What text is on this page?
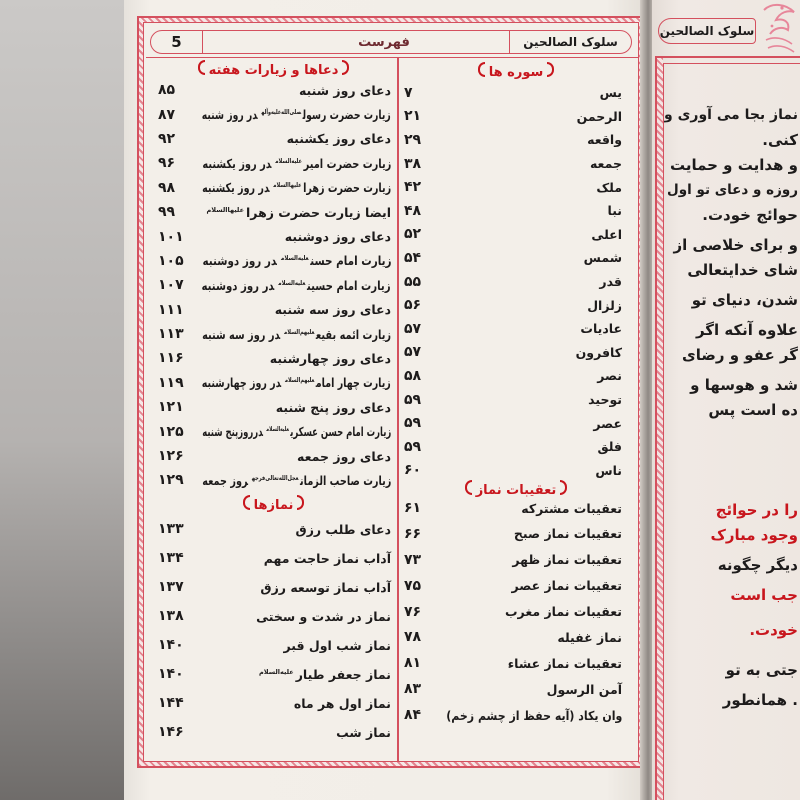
5	فهرست	سلوک الصالحین
سوره ها
یس
۷
الرحمن
۲۱
واقعه
۲۹
جمعه
۳۸
ملک
۴۲
نبا
۴۸
اعلی
۵۲
شمس
۵۴
قدر
۵۵
زلزال
۵۶
عادیات
۵۷
کافرون
۵۷
نصر
۵۸
توحید
۵۹
عصر
۵۹
فلق
۵۹
ناس
۶۰
تعقیبات نماز
تعقیبات مشترکه
۶۱
تعقیبات نماز صبح
۶۶
تعقیبات نماز ظهر
۷۳
تعقیبات نماز عصر
۷۵
تعقیبات نماز مغرب
۷۶
نماز غفیله
۷۸
تعقیبات نماز عشاء
۸۱
آمن الرسول
۸۳
وان یکاد (آیه حفظ از چشم زخم)
۸۴
دعاها و زیارات هفته
دعای روز شنبه
۸۵
زیارت حضرت رسول$^{صلی‌الله‌علیه‌وآله}$در روز شنبه
۸۷
دعای روز یکشنبه
۹۲
زیارت حضرت امیر$^{علیه‌السلام}$در روز یکشنبه
۹۶
زیارت حضرت زهرا$^{علیها‌السلام}$در روز یکشنبه
۹۸
ایضا زیارت حضرت زهرا$^{علیها‌السلام}$
۹۹
دعای روز دوشنبه
۱۰۱
زیارت امام حسن$^{علیه‌السلام}$در روز دوشنبه
۱۰۵
زیارت امام حسین$^{علیه‌السلام}$در روز دوشنبه
۱۰۷
دعای روز سه شنبه
۱۱۱
زیارت ائمه بقیع$^{علیهم‌السلام}$در روز سه شنبه
۱۱۳
دعای روز چهارشنبه
۱۱۶
زیارت چهار امام$^{علیهم‌السلام}$در روز چهارشنبه
۱۱۹
دعای روز پنج شنبه
۱۲۱
زیارت امام حسن عسکری$^{علیه‌السلام}$درروزپنج شنبه
۱۲۵
دعای روز جمعه
۱۲۶
زیارت صاحب الزمان$^{عجل‌الله‌تعالی‌فرجه}$روز جمعه
۱۲۹
نمازها
دعای طلب رزق
۱۳۳
آداب نماز حاجت مهم
۱۳۴
آداب نماز توسعه رزق
۱۳۷
نماز در شدت و سختی
۱۳۸
نماز شب اول قبر
۱۴۰
نماز جعفر طیار$^{علیه‌السلام}$
۱۴۰
نماز اول هر ماه
۱۴۴
نماز شب
۱۴۶
سلوک الصالحین
نماز بجا می آوری و
کنی.
و هدایت و حمایت
روزه و دعای تو اول
حوائج خودت.
و برای خلاصی از
شای خدایتعالی
شدن، دنیای تو
علاوه آنکه اگر
گر عفو و رضای
شد و هوسها و
ده است پس
را در حوائج
وجود مبارک
دیگر چگونه
جب است
خودت.
جتی به تو
. همانطور
